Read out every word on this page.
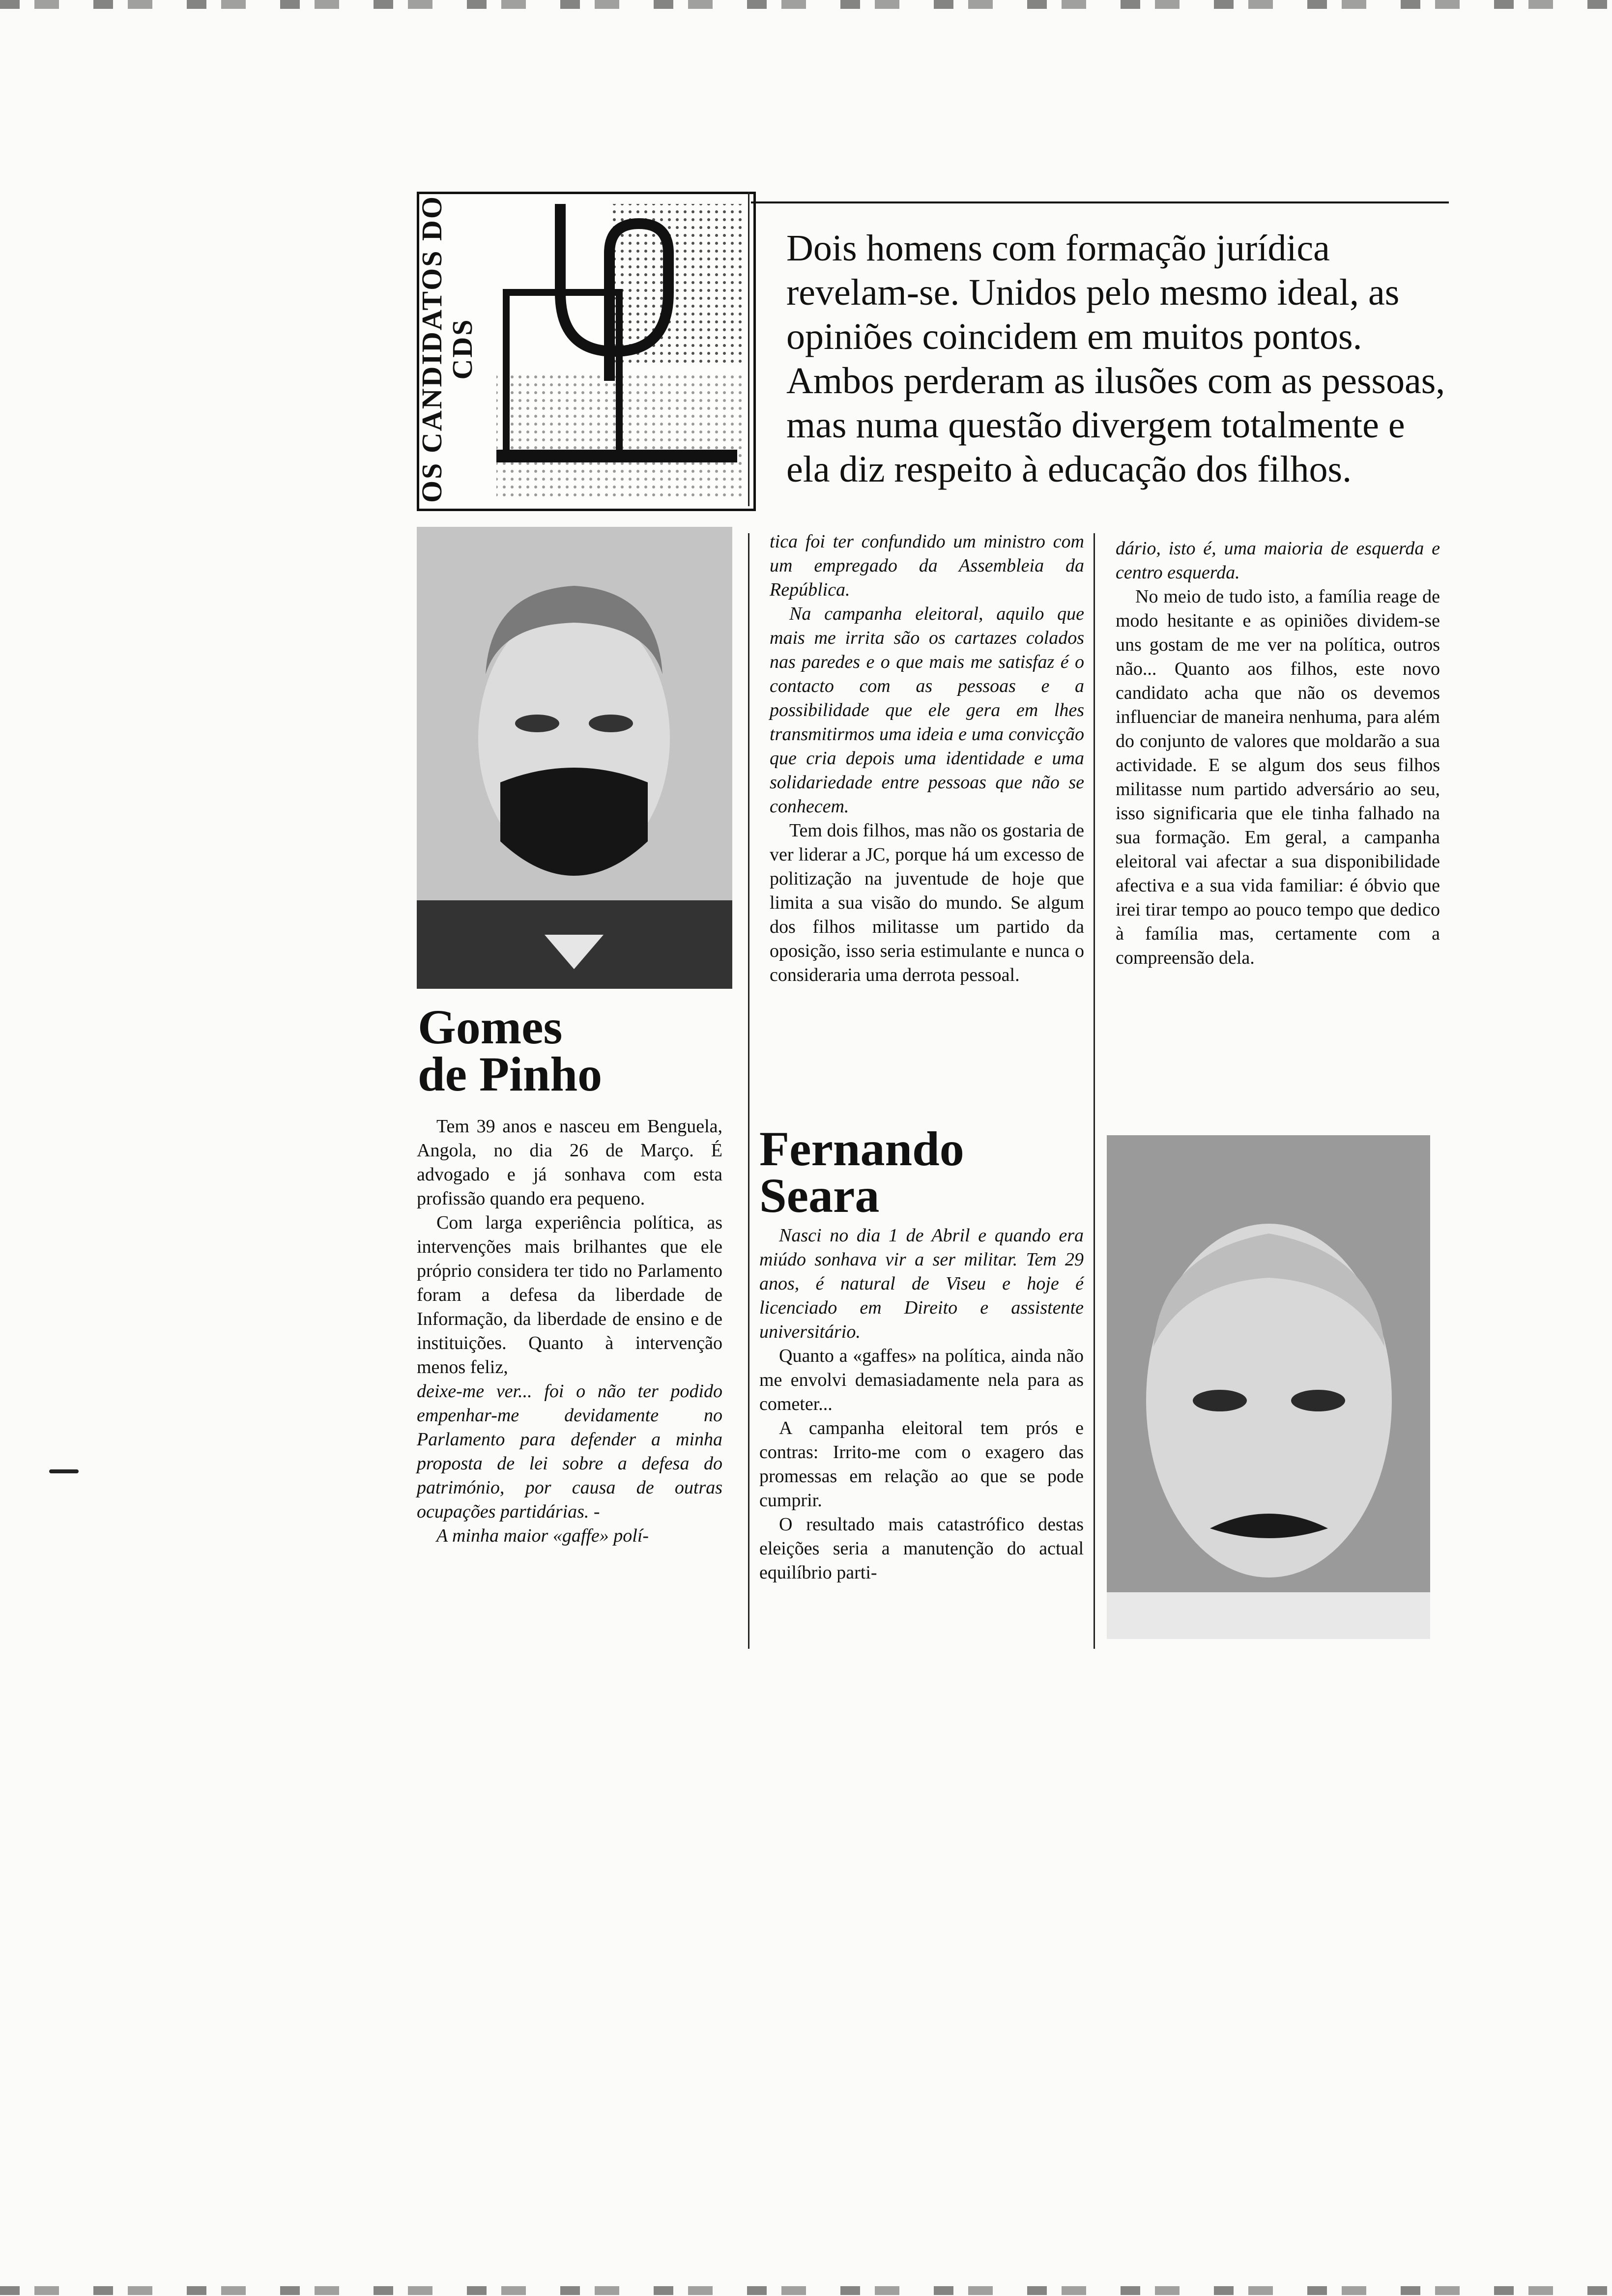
OS CANDIDATOS DO CDS
Dois homens com formação jurídica revelam-se. Unidos pelo mesmo ideal, as opiniões coincidem em muitos pontos. Ambos perderam as ilusões com as pessoas, mas numa questão divergem totalmente e ela diz respeito à educação dos filhos.
Gomes
de Pinho

Tem 39 anos e nasceu em Benguela, Angola, no dia 26 de Março. É advogado e já sonhava com esta profissão quando era pequeno.

Com larga experiência política, as intervenções mais brilhantes que ele próprio considera ter tido no Parlamento foram a defesa da liberdade de Informação, da liberdade de ensino e de instituições. Quanto à intervenção menos feliz,

deixe-me ver... foi o não ter podido empenhar-me devidamente no Parlamento para defender a minha proposta de lei sobre a defesa do património, por causa de outras ocupações partidárias. -

A minha maior «gaffe» polí-

tica foi ter confundido um ministro com um empregado da Assembleia da República.

Na campanha eleitoral, aquilo que mais me irrita são os cartazes colados nas paredes e o que mais me satisfaz é o contacto com as pessoas e a possibilidade que ele gera em lhes transmitirmos uma ideia e uma convicção que cria depois uma identidade e uma solidariedade entre pessoas que não se conhecem.

Tem dois filhos, mas não os gostaria de ver liderar a JC, porque há um excesso de politização na juventude de hoje que limita a sua visão do mundo. Se algum dos filhos militasse um partido da oposição, isso seria estimulante e nunca o consideraria uma derrota pessoal.

Fernando
Seara

Nasci no dia 1 de Abril e quando era miúdo sonhava vir a ser militar. Tem 29 anos, é natural de Viseu e hoje é licenciado em Direito e assistente universitário.

Quanto a «gaffes» na política, ainda não me envolvi demasiadamente nela para as cometer...

A campanha eleitoral tem prós e contras: Irrito-me com o exagero das promessas em relação ao que se pode cumprir.

O resultado mais catastrófico destas eleições seria a manutenção do actual equilíbrio parti-

dário, isto é, uma maioria de esquerda e centro esquerda.

No meio de tudo isto, a família reage de modo hesitante e as opiniões dividem-se uns gostam de me ver na política, outros não... Quanto aos filhos, este novo candidato acha que não os devemos influenciar de maneira nenhuma, para além do conjunto de valores que moldarão a sua actividade. E se algum dos seus filhos militasse num partido adversário ao seu, isso significaria que ele tinha falhado na sua formação. Em geral, a campanha eleitoral vai afectar a sua disponibilidade afectiva e a sua vida familiar: é óbvio que irei tirar tempo ao pouco tempo que dedico à família mas, certamente com a compreensão dela.
